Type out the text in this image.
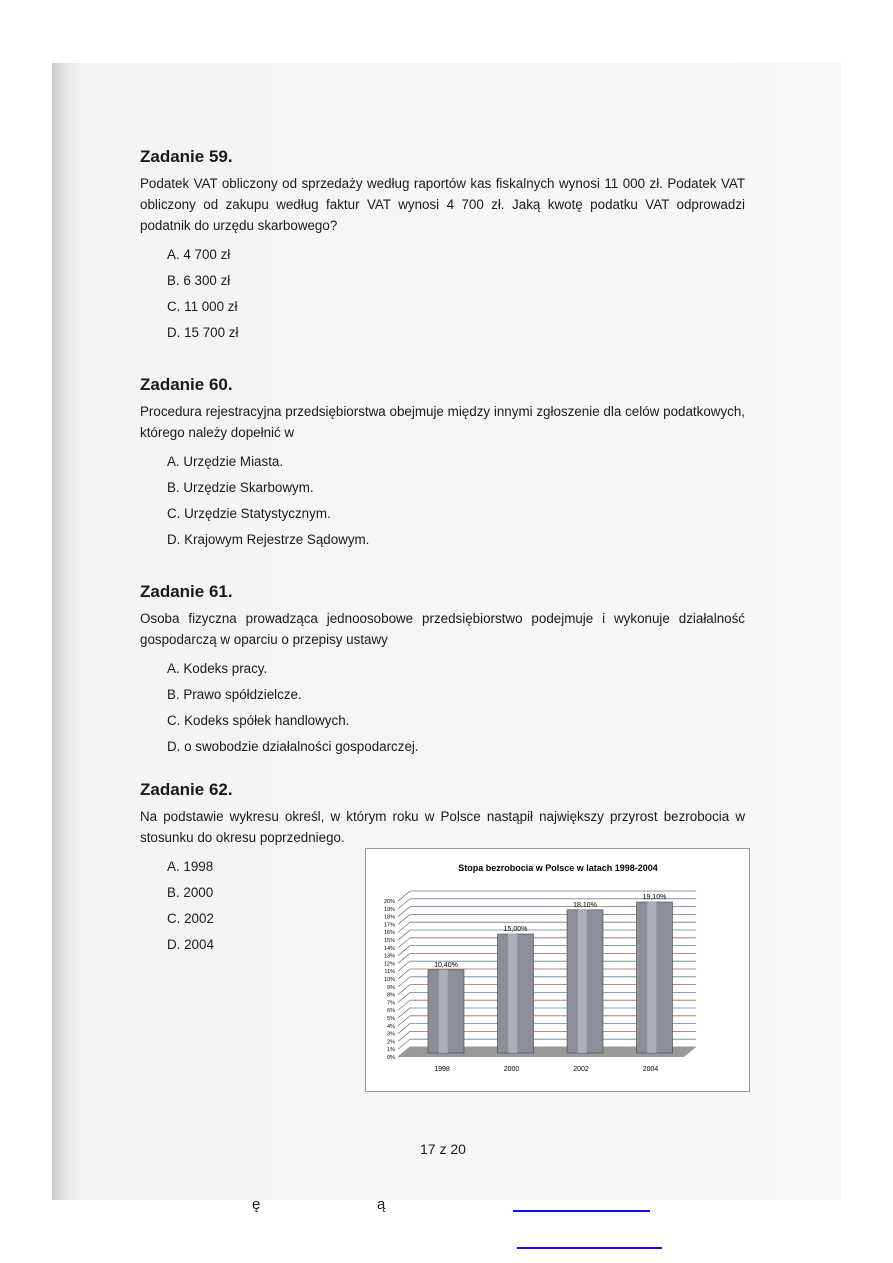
Zadanie 59.

Podatek VAT obliczony od sprzedaży według raportów kas fiskalnych wynosi 11 000 zł. Podatek VAT obliczony od zakupu według faktur VAT wynosi 4 700 zł. Jaką kwotę podatku VAT odprowadzi podatnik do urzędu skarbowego?

A. 4 700 zł
B. 6 300 zł
C. 11 000 zł
D. 15 700 zł
Zadanie 60.

Procedura rejestracyjna przedsiębiorstwa obejmuje między innymi zgłoszenie dla celów podatkowych, którego należy dopełnić w

A. Urzędzie Miasta.
B. Urzędzie Skarbowym.
C. Urzędzie Statystycznym.
D. Krajowym Rejestrze Sądowym.
Zadanie 61.

Osoba fizyczna prowadząca jednoosobowe przedsiębiorstwo podejmuje i wykonuje działalność gospodarczą w oparciu o przepisy ustawy

A. Kodeks pracy.
B. Prawo spółdzielcze.
C. Kodeks spółek handlowych.
D. o swobodzie działalności gospodarczej.
Zadanie 62.

Na podstawie wykresu określ, w którym roku w Polsce nastąpił największy przyrost bezrobocia w stosunku do okresu poprzedniego.

A. 1998
B. 2000
C. 2002
D. 2004
Stopa bezrobocia w Polsce w latach 1998-2004
0%
1%
2%
3%
4%
5%
6%
7%
8%
9%
10%
11%
12%
13%
14%
15%
16%
17%
18%
19%
20%
10,40%
1998
15,00%
2000
18,10%
2002
19,10%
2004
17 z 20
ę	ą
